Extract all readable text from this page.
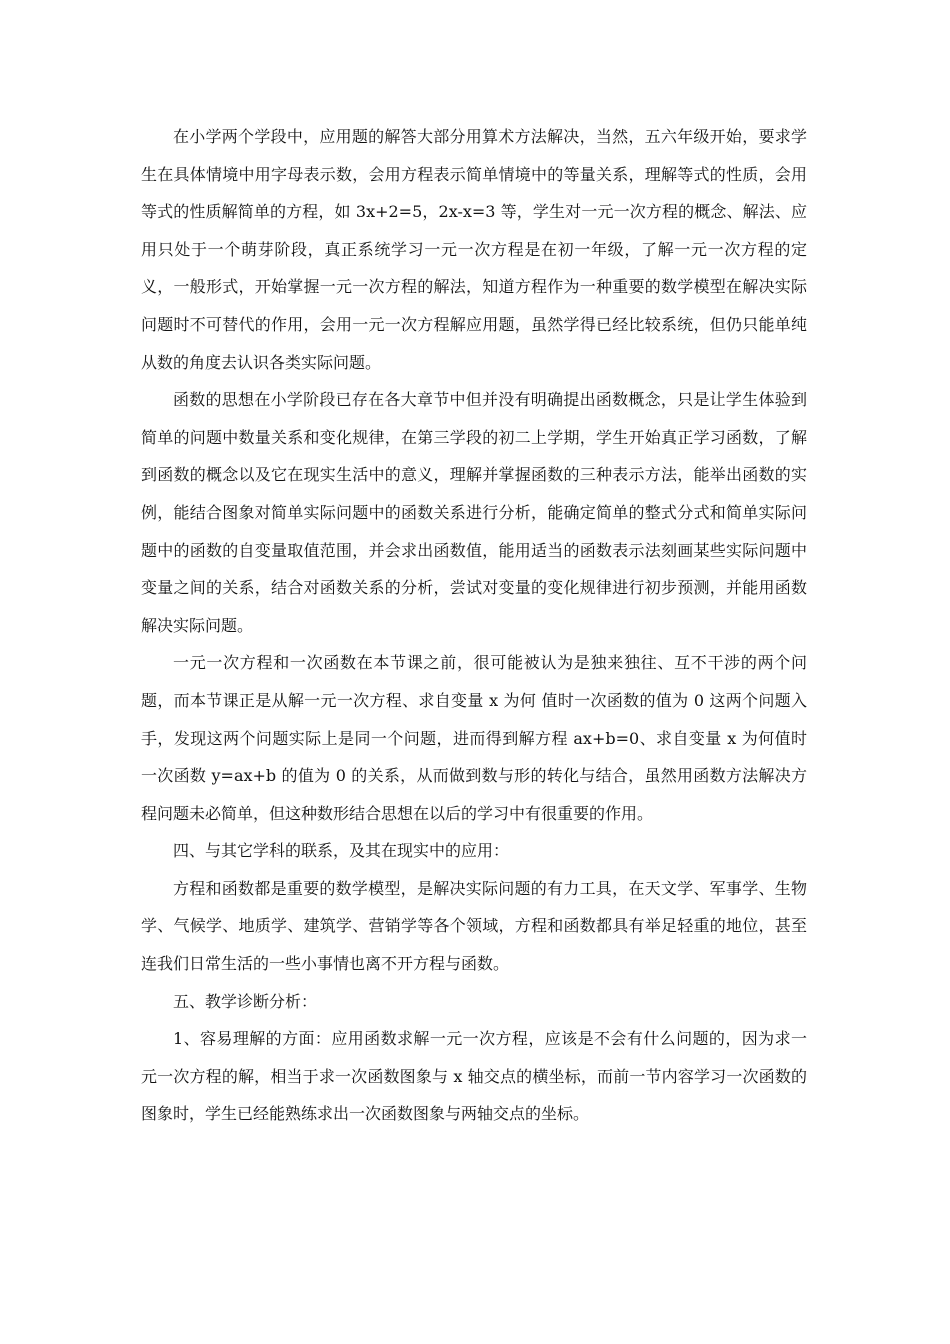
在小学两个学段中，应用题的解答大部分用算术方法解决，当然，五六年级开始，要求学生在具体情境中用字母表示数，会用方程表示简单情境中的等量关系，理解等式的性质，会用等式的性质解简单的方程，如 3x+2=5，2x-x=3 等，学生对一元一次方程的概念、解法、应用只处于一个萌芽阶段，真正系统学习一元一次方程是在初一年级，了解一元一次方程的定义，一般形式，开始掌握一元一次方程的解法，知道方程作为一种重要的数学模型在解决实际问题时不可替代的作用，会用一元一次方程解应用题，虽然学得已经比较系统，但仍只能单纯从数的角度去认识各类实际问题。

函数的思想在小学阶段已存在各大章节中但并没有明确提出函数概念，只是让学生体验到简单的问题中数量关系和变化规律，在第三学段的初二上学期，学生开始真正学习函数，了解到函数的概念以及它在现实生活中的意义，理解并掌握函数的三种表示方法，能举出函数的实例，能结合图象对简单实际问题中的函数关系进行分析，能确定简单的整式分式和简单实际问题中的函数的自变量取值范围，并会求出函数值，能用适当的函数表示法刻画某些实际问题中变量之间的关系，结合对函数关系的分析，尝试对变量的变化规律进行初步预测，并能用函数解决实际问题。

一元一次方程和一次函数在本节课之前，很可能被认为是独来独往、互不干涉的两个问题，而本节课正是从解一元一次方程、求自变量 x 为何 值时一次函数的值为 0 这两个问题入手，发现这两个问题实际上是同一个问题，进而得到解方程 ax+b=0、求自变量 x 为何值时一次函数 y=ax+b 的值为 0 的关系，从而做到数与形的转化与结合，虽然用函数方法解决方程问题未必简单，但这种数形结合思想在以后的学习中有很重要的作用。

四、与其它学科的联系，及其在现实中的应用：

方程和函数都是重要的数学模型，是解决实际问题的有力工具，在天文学、军事学、生物学、气候学、地质学、建筑学、营销学等各个领域，方程和函数都具有举足轻重的地位，甚至连我们日常生活的一些小事情也离不开方程与函数。

五、教学诊断分析：

1、容易理解的方面：应用函数求解一元一次方程，应该是不会有什么问题的，因为求一元一次方程的解，相当于求一次函数图象与 x 轴交点的横坐标，而前一节内容学习一次函数的图象时，学生已经能熟练求出一次函数图象与两轴交点的坐标。
